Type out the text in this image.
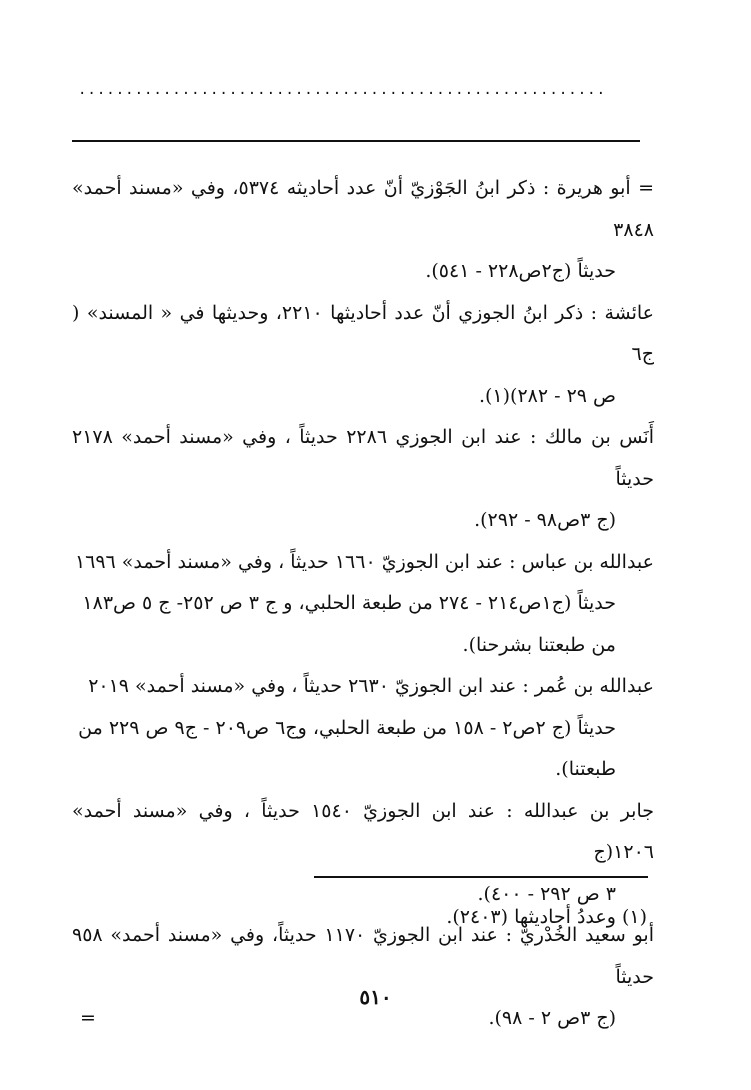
........................................................

= أبو هريرة : ذكر ابنُ الجَوْزيّ أنّ عدد أحاديثه ٥٣٧٤، وفي «مسند أحمد» ٣٨٤٨

حديثاً (ج٢ص٢٢٨ - ٥٤١).

عائشة : ذكر ابنُ الجوزي أنّ عدد أحاديثها ٢٢١٠، وحديثها في « المسند» ( ج٦

ص ٢٩ - ٢٨٢)(١).

أَنَس بن مالك : عند ابن الجوزي ٢٢٨٦ حديثاً ، وفي «مسند أحمد» ٢١٧٨ حديثاً

(ج ٣ص٩٨ - ٢٩٢).

عبدالله بن عباس : عند ابن الجوزيّ ١٦٦٠ حديثاً ، وفي «مسند أحمد» ١٦٩٦

حديثاً (ج١ص٢١٤ - ٢٧٤ من طبعة الحلبي، و ج ٣ ص ٢٥٢- ج ٥ ص١٨٣

من طبعتنا بشرحنا).

عبدالله بن عُمر : عند ابن الجوزيّ ٢٦٣٠ حديثاً ، وفي «مسند أحمد» ٢٠١٩

حديثاً (ج ٢ص٢ - ١٥٨ من طبعة الحلبي، وج٦ ص٢٠٩ - ج٩ ص ٢٢٩ من

طبعتنا).

جابر بن عبدالله : عند ابن الجوزيّ ١٥٤٠ حديثاً ، وفي «مسند أحمد» ١٢٠٦(ج

٣ ص ٢٩٢ - ٤٠٠).

أبو سعيد الخُدْريّ : عند ابن الجوزيّ ١١٧٠ حديثاً، وفي «مسند أحمد» ٩٥٨ حديثاً

(ج ٣ص ٢ - ٩٨).
=

(١) وعددُ أحاديثها (٢٤٠٣).
٥١٠
